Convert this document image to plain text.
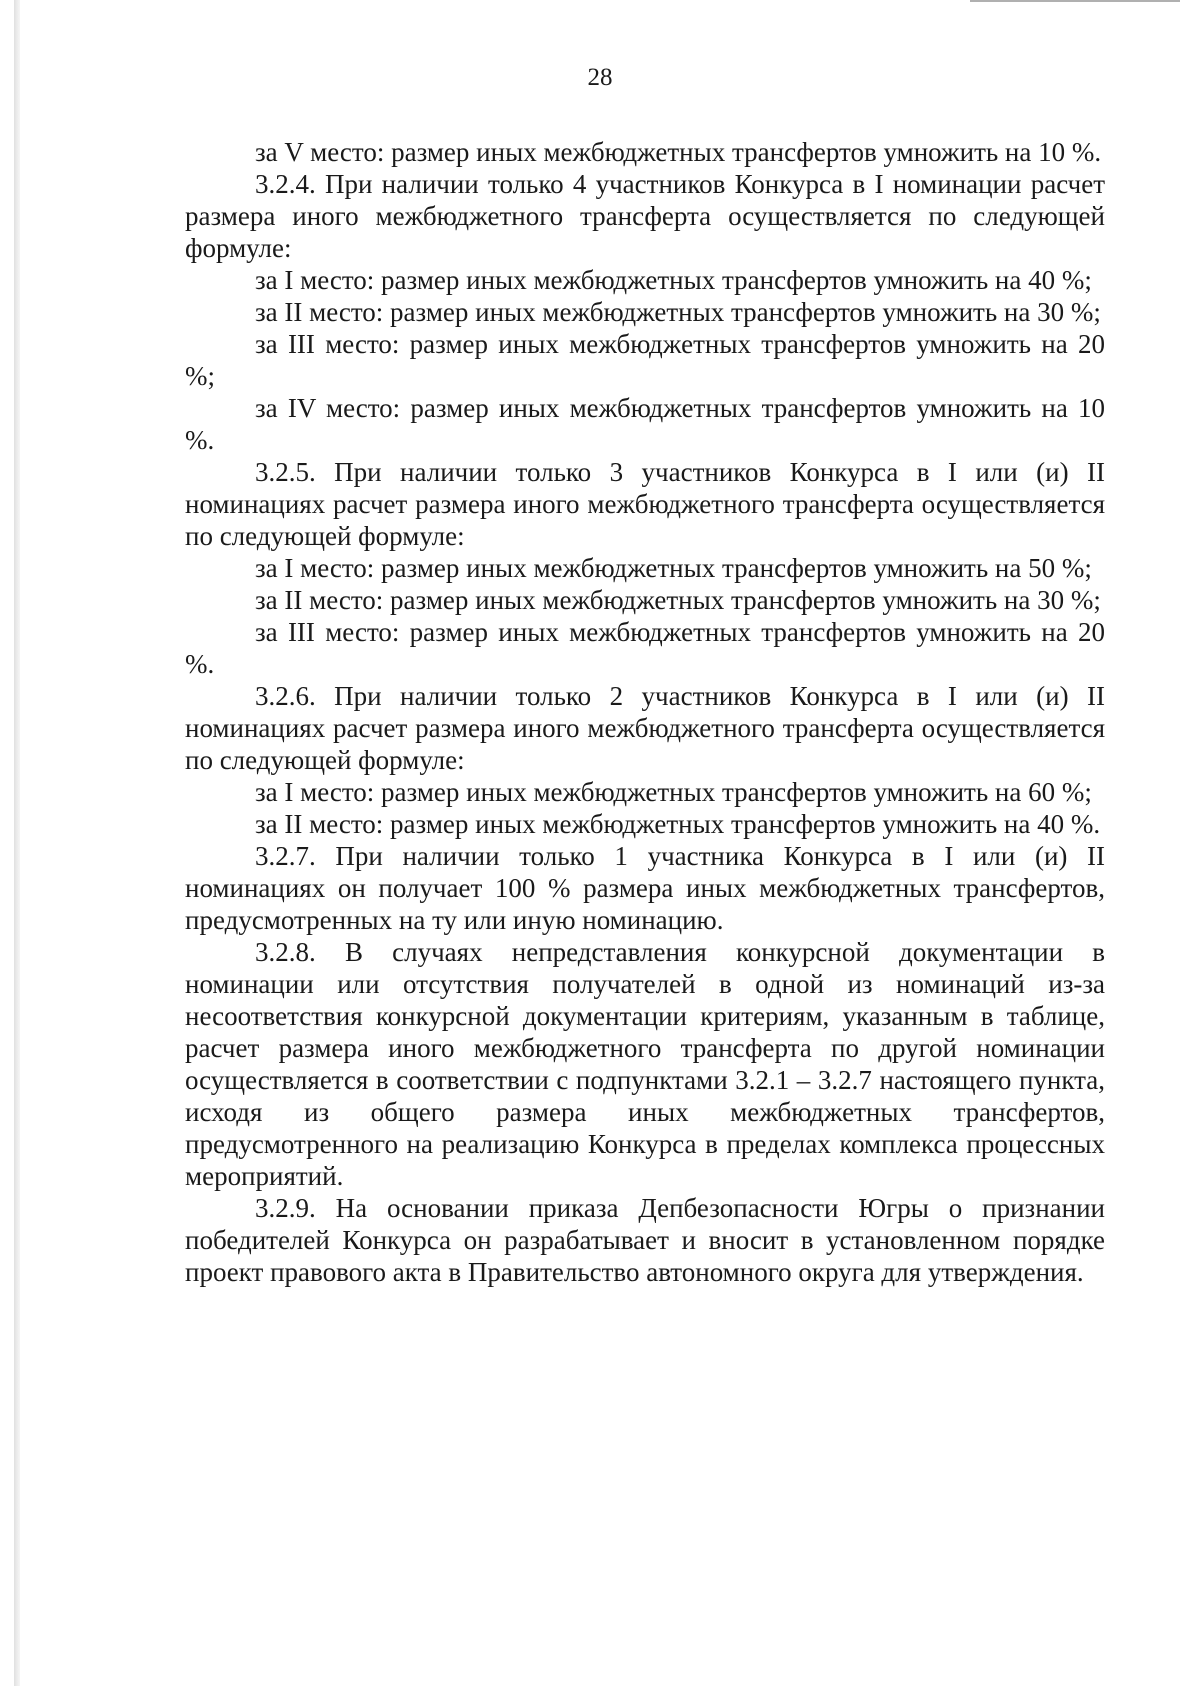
28

за V место: размер иных межбюджетных трансфертов умножить на 10 %.

3.2.4. При наличии только 4 участников Конкурса в I номинации расчет размера иного межбюджетного трансферта осуществляется по следующей формуле:

за I место: размер иных межбюджетных трансфертов умножить на 40 %;

за II место: размер иных межбюджетных трансфертов умножить на 30 %;

за III место: размер иных межбюджетных трансфертов умножить на 20 %;

за IV место: размер иных межбюджетных трансфертов умножить на 10 %.

3.2.5. При наличии только 3 участников Конкурса в I или (и) II номинациях расчет размера иного межбюджетного трансферта осуществляется по следующей формуле:

за I место: размер иных межбюджетных трансфертов умножить на 50 %;

за II место: размер иных межбюджетных трансфертов умножить на 30 %;

за III место: размер иных межбюджетных трансфертов умножить на 20 %.

3.2.6. При наличии только 2 участников Конкурса в I или (и) II номинациях расчет размера иного межбюджетного трансферта осуществляется по следующей формуле:

за I место: размер иных межбюджетных трансфертов умножить на 60 %;

за II место: размер иных межбюджетных трансфертов умножить на 40 %.

3.2.7. При наличии только 1 участника Конкурса в I или (и) II номинациях он получает 100 % размера иных межбюджетных трансфертов, предусмотренных на ту или иную номинацию.

3.2.8. В случаях непредставления конкурсной документации в номинации или отсутствия получателей в одной из номинаций из-за несоответствия конкурсной документации критериям, указанным в таблице, расчет размера иного межбюджетного трансферта по другой номинации осуществляется в соответствии с подпунктами 3.2.1 – 3.2.7 настоящего пункта, исходя из общего размера иных межбюджетных трансфертов, предусмотренного на реализацию Конкурса в пределах комплекса процессных мероприятий.

3.2.9. На основании приказа Депбезопасности Югры о признании победителей Конкурса он разрабатывает и вносит в установленном порядке проект правового акта в Правительство автономного округа для утверждения.
